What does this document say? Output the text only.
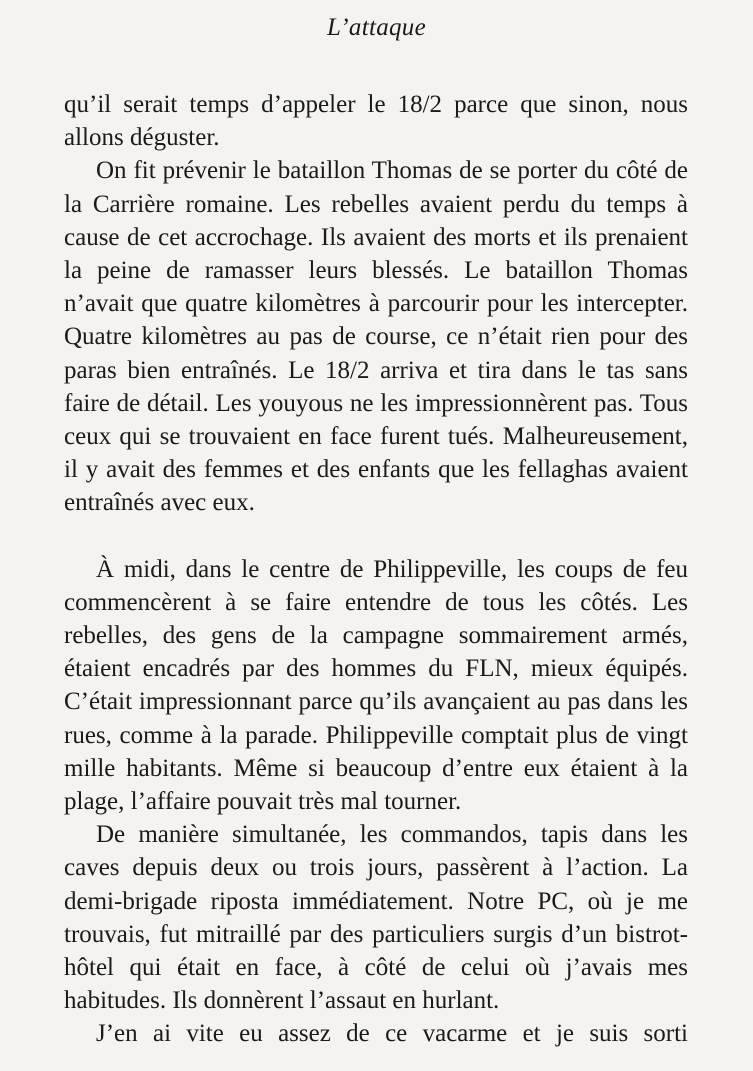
L’attaque

qu’il serait temps d’appeler le 18/2 parce que sinon, nous allons déguster.

On fit prévenir le bataillon Thomas de se porter du côté de la Carrière romaine. Les rebelles avaient perdu du temps à cause de cet accrochage. Ils avaient des morts et ils prenaient la peine de ramasser leurs blessés. Le bataillon Thomas n’avait que quatre kilomètres à parcourir pour les intercepter. Quatre kilomètres au pas de course, ce n’était rien pour des paras bien entraînés. Le 18/2 arriva et tira dans le tas sans faire de détail. Les youyous ne les impressionnèrent pas. Tous ceux qui se trouvaient en face furent tués. Malheureusement, il y avait des femmes et des enfants que les fellaghas avaient entraînés avec eux.

À midi, dans le centre de Philippeville, les coups de feu commencèrent à se faire entendre de tous les côtés. Les rebelles, des gens de la campagne sommairement armés, étaient encadrés par des hommes du FLN, mieux équipés. C’était impressionnant parce qu’ils avançaient au pas dans les rues, comme à la parade. Philippeville comptait plus de vingt mille habitants. Même si beaucoup d’entre eux étaient à la plage, l’affaire pouvait très mal tourner.

De manière simultanée, les commandos, tapis dans les caves depuis deux ou trois jours, passèrent à l’action. La demi-brigade riposta immédiatement. Notre PC, où je me trouvais, fut mitraillé par des particuliers surgis d’un bistrot-hôtel qui était en face, à côté de celui où j’avais mes habitudes. Ils donnèrent l’assaut en hurlant.

J’en ai vite eu assez de ce vacarme et je suis sorti
